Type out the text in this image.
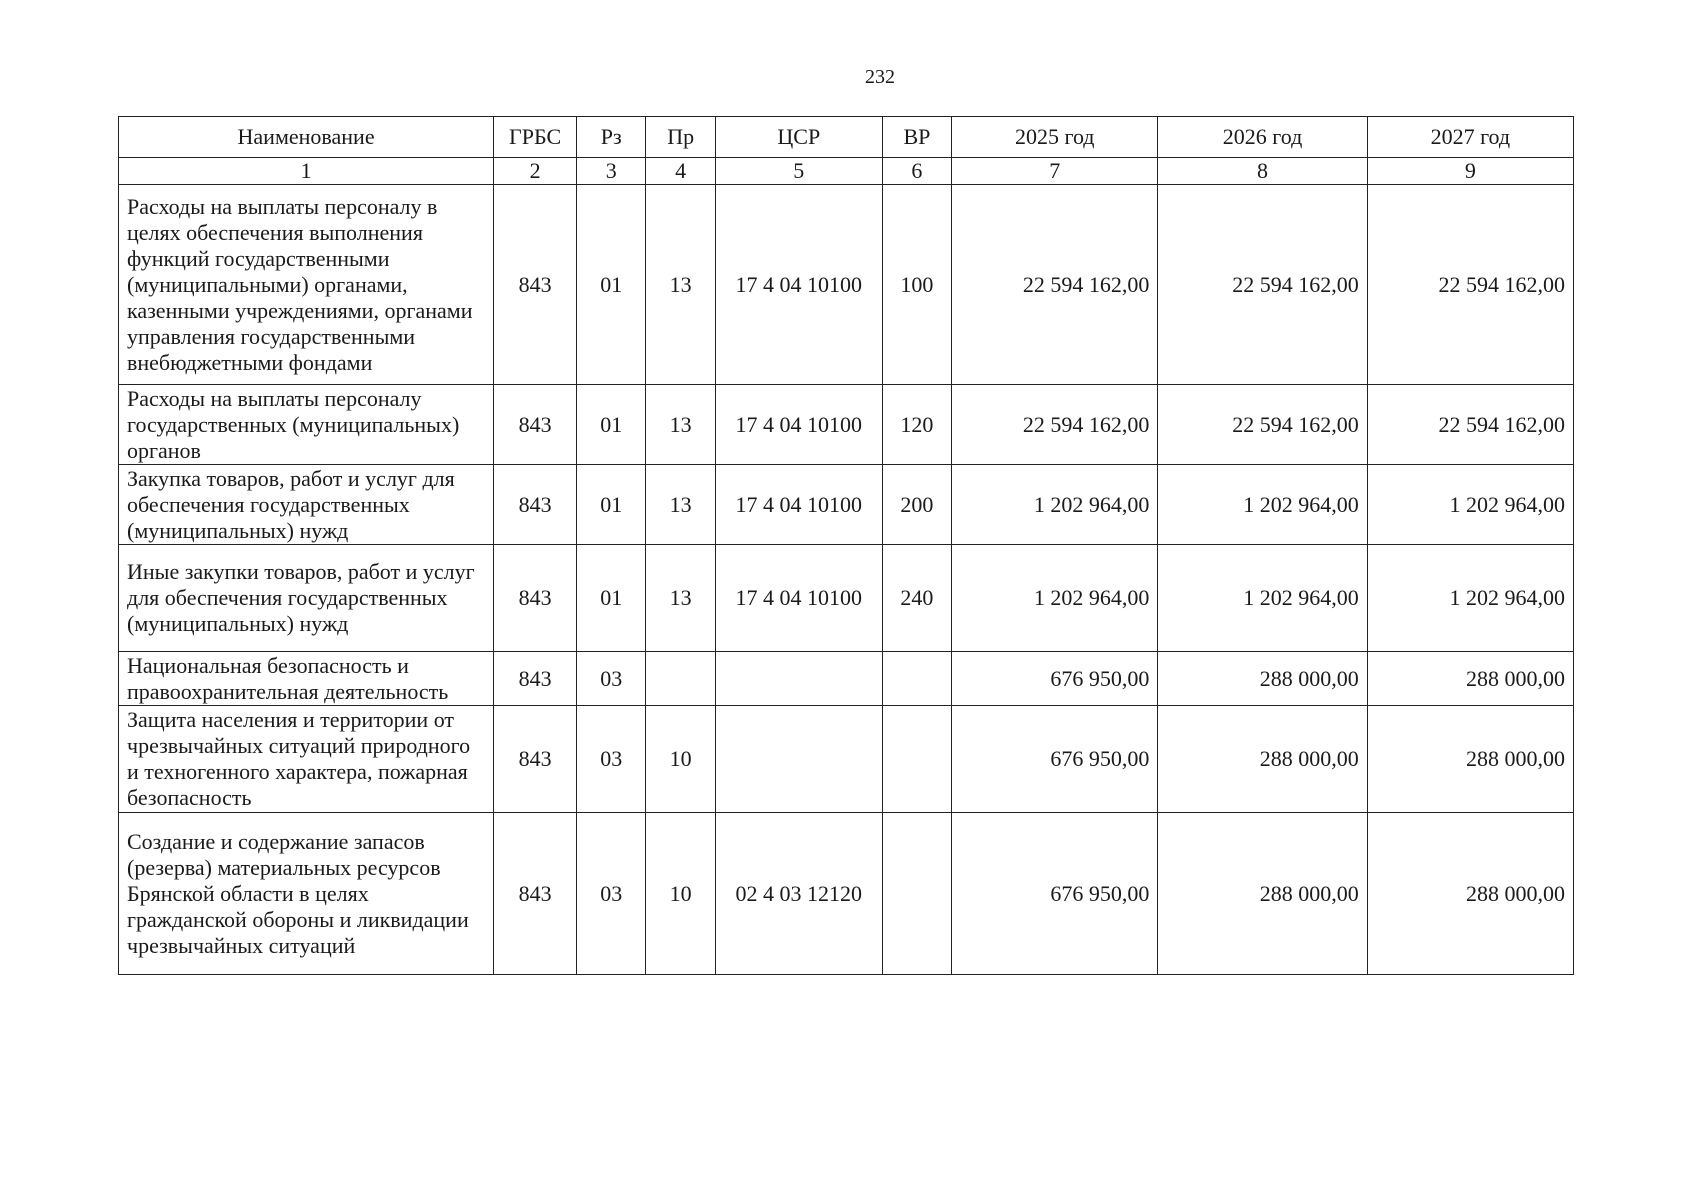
232
Наименование	ГРБС	Рз	Пр	ЦСР	ВР	2025 год	2026 год	2027 год
1	2	3	4	5	6	7	8	9
Расходы на выплаты персоналу в целях обеспечения выполнения функций государственными (муниципальными) органами, казенными учреждениями, органами управления государственными внебюджетными фондами	843	01	13	17 4 04 10100	100	22 594 162,00	22 594 162,00	22 594 162,00
Расходы на выплаты персоналу государственных (муниципальных) органов	843	01	13	17 4 04 10100	120	22 594 162,00	22 594 162,00	22 594 162,00
Закупка товаров, работ и услуг для обеспечения государственных (муниципальных) нужд	843	01	13	17 4 04 10100	200	1 202 964,00	1 202 964,00	1 202 964,00
Иные закупки товаров, работ и услуг для обеспечения государственных (муниципальных) нужд	843	01	13	17 4 04 10100	240	1 202 964,00	1 202 964,00	1 202 964,00
Национальная безопасность и правоохранительная деятельность	843	03				676 950,00	288 000,00	288 000,00
Защита населения и территории от чрезвычайных ситуаций природного и техногенного характера, пожарная безопасность	843	03	10			676 950,00	288 000,00	288 000,00
Создание и содержание запасов (резерва) материальных ресурсов Брянской области в целях гражданской обороны и ликвидации чрезвычайных ситуаций	843	03	10	02 4 03 12120		676 950,00	288 000,00	288 000,00
